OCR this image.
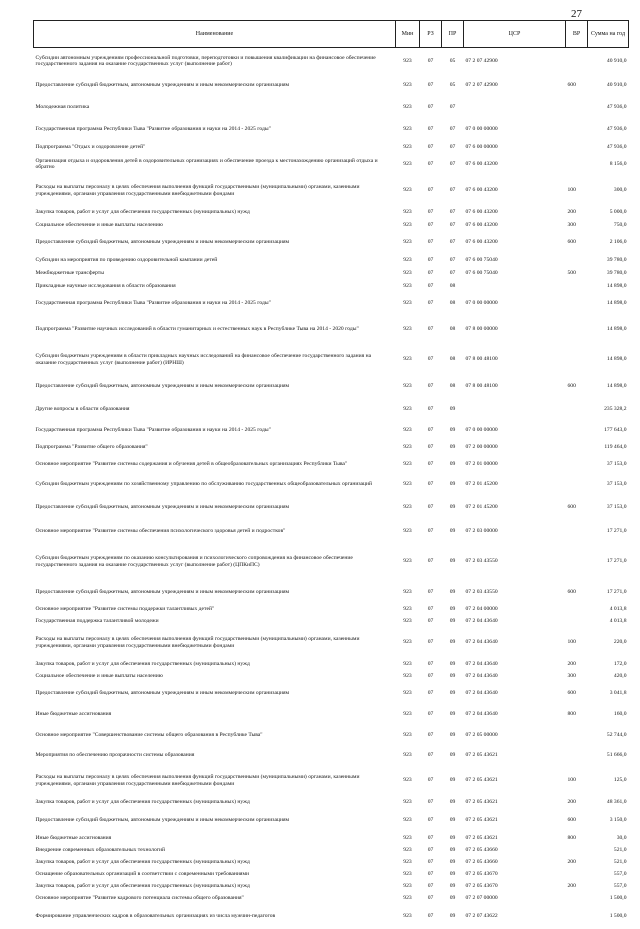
27
Наименование	Мин	РЗ	ПР	ЦСР	ВР	Сумма на год
Субсидии автономным учреждениям профессиональной подготовки, переподготовки и повышения квалификации на финансовое обеспечение государственного задания на оказание государственных услуг (выполнение работ)	923	07	05	07 2 07 42900		40 910,0
Предоставление субсидий бюджетным, автономным учреждениям и иным некоммерческим организациям	923	07	05	07 2 07 42900	600	40 910,0
Молодежная политика	923	07	07			47 936,0
Государственная программа Республики Тыва "Развитие образования и науки на 2014 - 2025 годы"	923	07	07	07 0 00 00000		47 936,0
Подпрограмма "Отдых и оздоровление детей"	923	07	07	07 6 00 00000		47 936,0
Организация отдыха и оздоровления детей в оздоровительных организациях и обеспечение проезда к местонахождению организаций отдыха и обратно	923	07	07	07 6 00 43200		8 156,0
Расходы на выплаты персоналу в целях обеспечения выполнения функций государственными (муниципальными) органами, казенными учреждениями, органами управления государственными внебюджетными фондами	923	07	07	07 6 00 43200	100	300,0
Закупка товаров, работ и услуг для обеспечения государственных (муниципальных) нужд	923	07	07	07 6 00 43200	200	5 000,0
Социальное обеспечение и иные выплаты населению	923	07	07	07 6 00 43200	300	750,0
Предоставление субсидий бюджетным, автономным учреждениям и иным некоммерческим организациям	923	07	07	07 6 00 43200	600	2 106,0
Субсидии на мероприятия по проведению оздоровительной кампании детей	923	07	07	07 6 00 75040		39 780,0
Межбюджетные трансферты	923	07	07	07 6 00 75040	500	39 780,0
Прикладные научные исследования в области образования	923	07	08			14 898,0
Государственная программа Республики Тыва "Развитие образования и науки на 2014 - 2025 годы"	923	07	08	07 0 00 00000		14 898,0
Подпрограмма "Развитие научных исследований в области гуманитарных и естественных наук в Республике Тыва на 2014 - 2020 годы"	923	07	08	07 8 00 00000		14 898,0
Субсидии бюджетным учреждениям в области прикладных научных исследований на финансовое обеспечение государственного задания на оказание государственных услуг (выполнение работ) (ИРНШ)	923	07	08	07 8 00 48100		14 898,0
Предоставление субсидий бюджетным, автономным учреждениям и иным некоммерческим организациям	923	07	08	07 8 00 48100	600	14 898,0
Другие вопросы в области образования	923	07	09			235 328,2
Государственная программа Республики Тыва "Развитие образования и науки на 2014 - 2025 годы"	923	07	09	07 0 00 00000		177 643,0
Подпрограмма "Развитие общего образования"	923	07	09	07 2 00 00000		119 464,0
Основное мероприятие "Развитие системы содержания и обучения детей в общеобразовательных организациях Республики Тыва"	923	07	09	07 2 01 00000		37 153,0
Субсидии бюджетным учреждениям по хозяйственному управлению по обслуживанию государственных общеобразовательных организаций	923	07	09	07 2 01 45200		37 153,0
Предоставление субсидий бюджетным, автономным учреждениям и иным некоммерческим организациям	923	07	09	07 2 01 45200	600	37 153,0
Основное мероприятие "Развитие системы обеспечения психологического здоровья детей и подростков"	923	07	09	07 2 03 00000		17 271,0
Субсидии бюджетным учреждениям по оказанию консультирования и психологического сопровождения на финансовое обеспечение государственного задания на оказание государственных услуг (выполнение работ) (ЦПКиПС)	923	07	09	07 2 03 43550		17 271,0
Предоставление субсидий бюджетным, автономным учреждениям и иным некоммерческим организациям	923	07	09	07 2 03 43550	600	17 271,0
Основное мероприятие "Развитие системы поддержки талантливых детей"	923	07	09	07 2 04 00000		4 013,8
Государственная поддержка талантливой молодежи	923	07	09	07 2 04 43640		4 013,8
Расходы на выплаты персоналу в целях обеспечения выполнения функций государственными (муниципальными) органами, казенными учреждениями, органами управления государственными внебюджетными фондами	923	07	09	07 2 04 43640	100	220,0
Закупка товаров, работ и услуг для обеспечения государственных (муниципальных) нужд	923	07	09	07 2 04 43640	200	172,0
Социальное обеспечение и иные выплаты населению	923	07	09	07 2 04 43640	300	420,0
Предоставление субсидий бюджетным, автономным учреждениям и иным некоммерческим организациям	923	07	09	07 2 04 43640	600	3 041,8
Иные бюджетные ассигнования	923	07	09	07 2 04 43640	800	160,0
Основное мероприятие "Совершенствование системы общего образования в Республике Тыва"	923	07	09	07 2 05 00000		52 744,0
Мероприятия по обеспечению прозрачности системы образования	923	07	09	07 2 05 43621		51 666,0
Расходы на выплаты персоналу в целях обеспечения выполнения функций государственными (муниципальными) органами, казенными учреждениями, органами управления государственными внебюджетными фондами	923	07	09	07 2 05 43621	100	125,0
Закупка товаров, работ и услуг для обеспечения государственных (муниципальных) нужд	923	07	09	07 2 05 43621	200	48 361,0
Предоставление субсидий бюджетным, автономным учреждениям и иным некоммерческим организациям	923	07	09	07 2 05 43621	600	3 150,0
Иные бюджетные ассигнования	923	07	09	07 2 05 43621	800	30,0
Внедрение современных образовательных технологий	923	07	09	07 2 05 43660		521,0
Закупка товаров, работ и услуг для обеспечения государственных (муниципальных) нужд	923	07	09	07 2 05 43660	200	521,0
Оснащение образовательных организаций в соответствии с современными требованиями	923	07	09	07 2 05 43670		557,0
Закупка товаров, работ и услуг для обеспечения государственных (муниципальных) нужд	923	07	09	07 2 05 43670	200	557,0
Основное мероприятие "Развитие кадрового потенциала системы общего образования"	923	07	09	07 2 07 00000		1 500,0
Формирование управленческих кадров в образовательных организациях из числа мужчин-педагогов	923	07	09	07 2 07 43622		1 500,0
